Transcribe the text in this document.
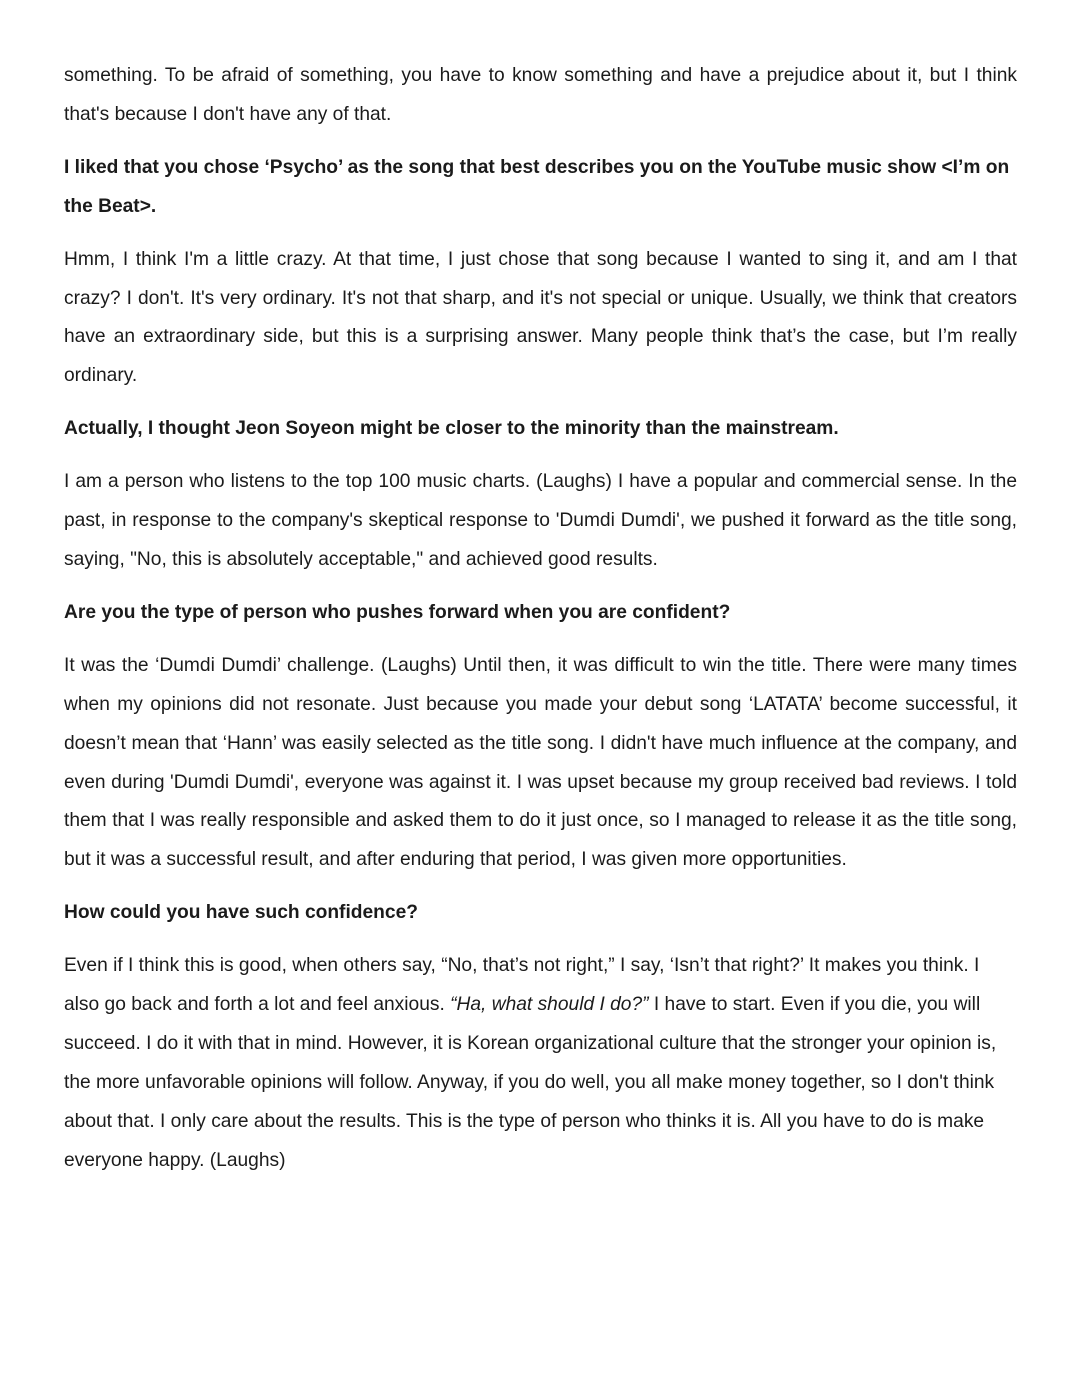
something. To be afraid of something, you have to know something and have a prejudice about it, but I think that's because I don't have any of that.

I liked that you chose ‘Psycho’ as the song that best describes you on the YouTube music show <I’m on the Beat>.

Hmm, I think I'm a little crazy. At that time, I just chose that song because I wanted to sing it, and am I that crazy? I don't. It's very ordinary. It's not that sharp, and it's not special or unique. Usually, we think that creators have an extraordinary side, but this is a surprising answer. Many people think that’s the case, but I’m really ordinary.

Actually, I thought Jeon Soyeon might be closer to the minority than the mainstream.

I am a person who listens to the top 100 music charts. (Laughs) I have a popular and commercial sense. In the past, in response to the company's skeptical response to 'Dumdi Dumdi', we pushed it forward as the title song, saying, "No, this is absolutely acceptable," and achieved good results.

Are you the type of person who pushes forward when you are confident?

It was the ‘Dumdi Dumdi’ challenge. (Laughs) Until then, it was difficult to win the title. There were many times when my opinions did not resonate. Just because you made your debut song ‘LATATA’ become successful, it doesn’t mean that ‘Hann’ was easily selected as the title song. I didn't have much influence at the company, and even during 'Dumdi Dumdi', everyone was against it. I was upset because my group received bad reviews. I told them that I was really responsible and asked them to do it just once, so I managed to release it as the title song, but it was a successful result, and after enduring that period, I was given more opportunities.

How could you have such confidence?

Even if I think this is good, when others say, “No, that’s not right,” I say, ‘Isn’t that right?’ It makes you think. I also go back and forth a lot and feel anxious. “Ha, what should I do?” I have to start. Even if you die, you will succeed. I do it with that in mind. However, it is Korean organizational culture that the stronger your opinion is, the more unfavorable opinions will follow. Anyway, if you do well, you all make money together, so I don't think about that. I only care about the results. This is the type of person who thinks it is. All you have to do is make everyone happy. (Laughs)
